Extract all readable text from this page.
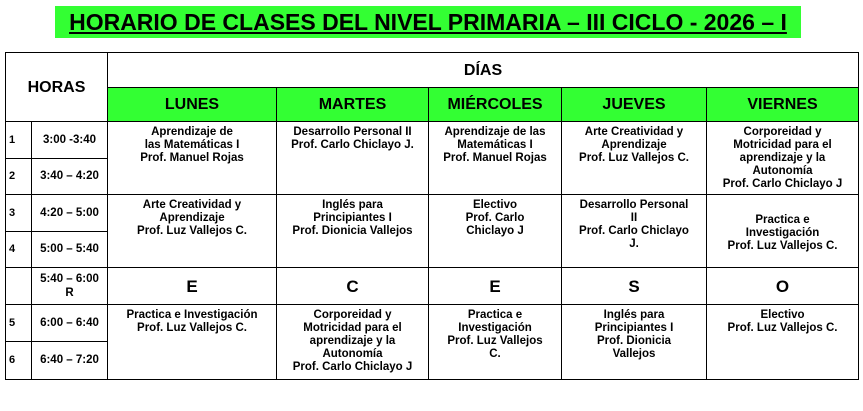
HORARIO DE CLASES DEL NIVEL PRIMARIA – III CICLO - 2026 – I
HORAS		DÍAS				
		LUNES	MARTES	MIÉRCOLES	JUEVES	VIERNES
1	3:00 -3:40	Aprendizaje de
las Matemáticas I
Prof. Manuel Rojas	Desarrollo Personal II
Prof. Carlo Chiclayo J.	Aprendizaje de las
Matemáticas I
Prof. Manuel Rojas	Arte Creatividad y
Aprendizaje
Prof. Luz Vallejos C.	Corporeidad y
Motricidad para el
aprendizaje y la
Autonomía
Prof. Carlo Chiclayo J
2	3:40 – 4:20					
3	4:20 – 5:00	Arte Creatividad y
Aprendizaje
Prof. Luz Vallejos C.	Inglés para
Principiantes I
Prof. Dionicia Vallejos	Electivo
Prof. Carlo
Chiclayo J	Desarrollo Personal
II
Prof. Carlo Chiclayo
J.	Practica e
Investigación
Prof. Luz Vallejos C.
4	5:00 – 5:40					
	5:40 – 6:00
R	E	C	E	S	O
5	6:00 – 6:40	Practica e Investigación
Prof. Luz Vallejos C.	Corporeidad y
Motricidad para el
aprendizaje y la
Autonomía
Prof. Carlo Chiclayo J	Practica e
Investigación
Prof. Luz Vallejos
C.	Inglés para
Principiantes I
Prof. Dionicia
Vallejos	Electivo
Prof. Luz Vallejos C.
6	6:40 – 7:20					
